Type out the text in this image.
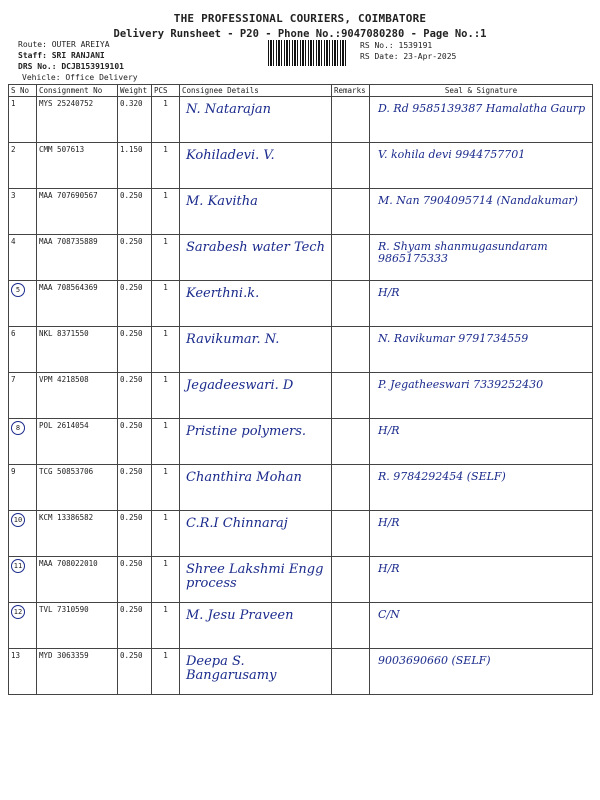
THE PROFESSIONAL COURIERS, COIMBATORE
Delivery Runsheet - P20 - Phone No.:9047080280 - Page No.:1
Route: OUTER AREIYA
Staff: SRI RANJANI
DRS No.: DCJB153919101
Vehicle: Office Delivery
RS No.: 1539191
RS Date: 23-Apr-2025
S No	Consignment No	Weight	PCS	Consignee Details	Remarks	Seal & Signature
1	MYS 25240752	0.320	1	N. Natarajan		D. Rd 9585139387 Hamalatha Gaurp

2	CMM 507613	1.150	1	Kohiladevi. V.		V. kohila devi 9944757701

3	MAA 707690567	0.250	1	M. Kavitha		M. Nan 7904095714 (Nandakumar)

4	MAA 708735889	0.250	1	Sarabesh water Tech		R. Shyam shanmugasundaram 9865175333

5	MAA 708564369	0.250	1	Keerthni.k.		H/R

6	NKL 8371550	0.250	1	Ravikumar. N.		N. Ravikumar 9791734559

7	VPM 4218508	0.250	1	Jegadeeswari. D		P. Jegatheeswari 7339252430

8	POL 2614054	0.250	1	Pristine polymers.		H/R

9	TCG 50853706	0.250	1	Chanthira Mohan		R. 9784292454 (SELF)

10	KCM 13386582	0.250	1	C.R.I Chinnaraj		H/R

11	MAA 708022010	0.250	1	Shree Lakshmi Engg process		H/R

12	TVL 7310590	0.250	1	M. Jesu Praveen		C/N

13	MYD 3063359	0.250	1	Deepa S. Bangarusamy		9003690660 (SELF)
